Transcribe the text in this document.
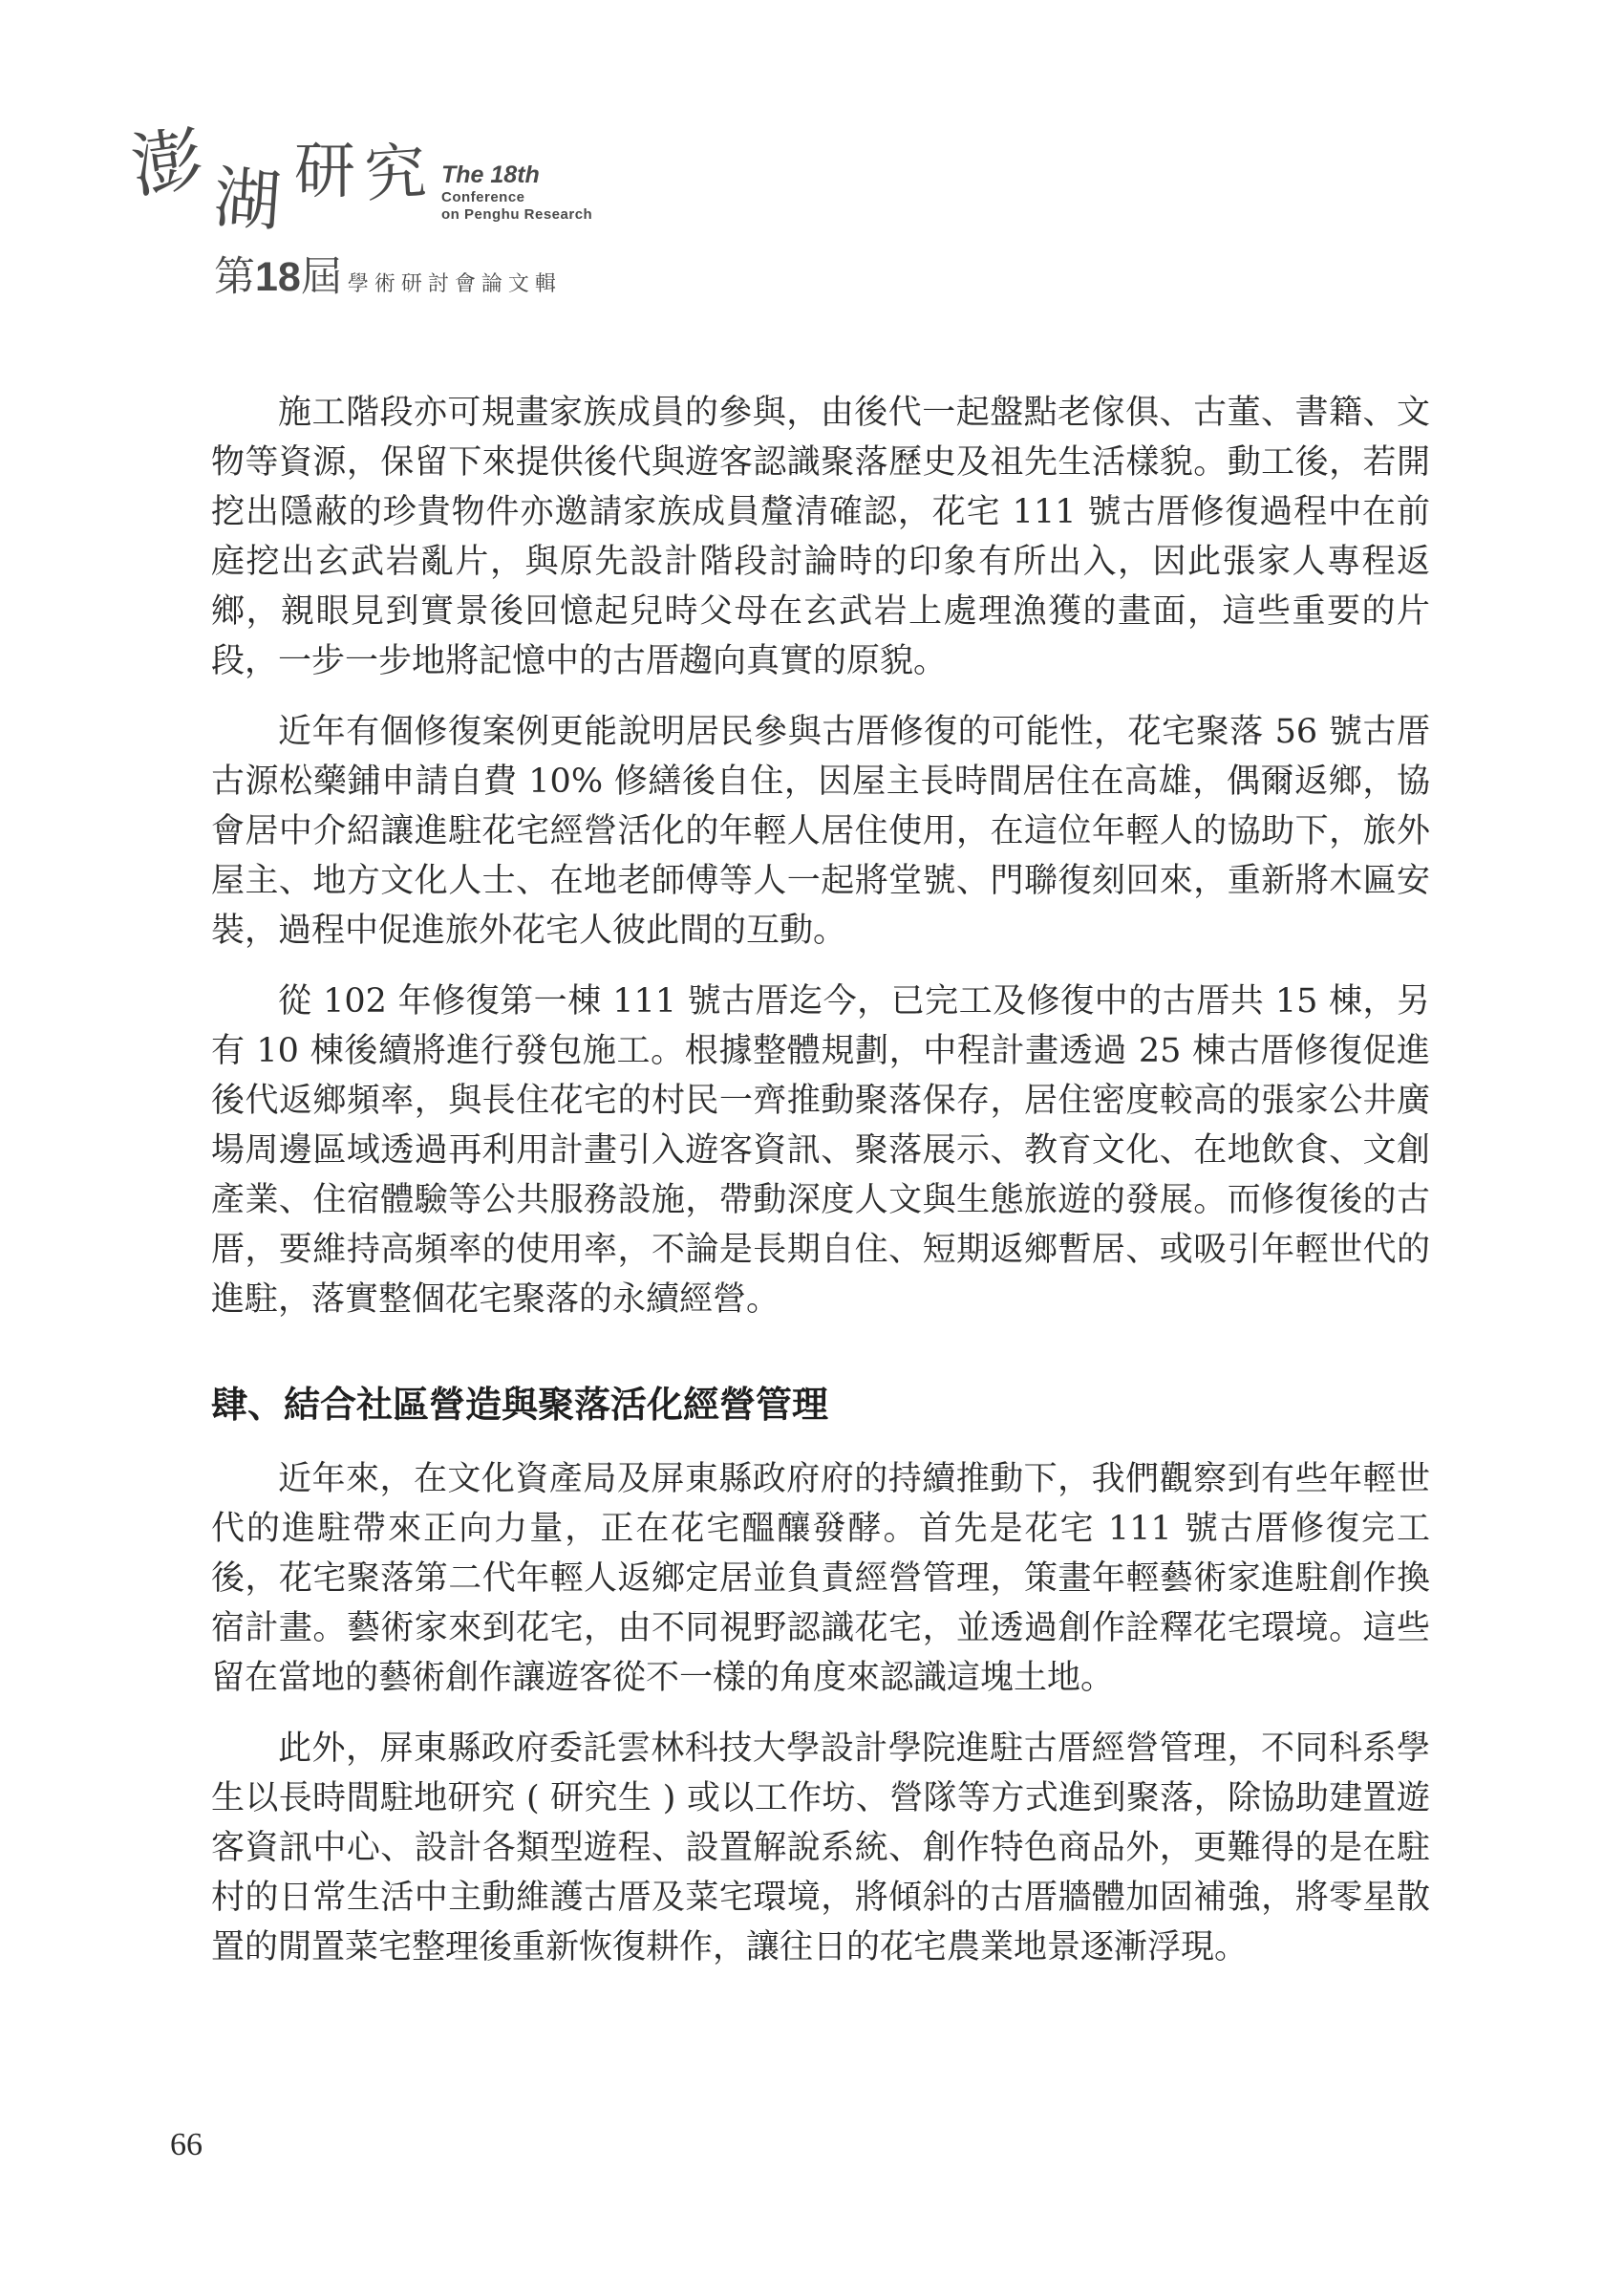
澎 湖 研 究 The 18th
Conference
on Penghu Research
第18屆 學術研討會論文輯

施工階段亦可規畫家族成員的參與，由後代一起盤點老傢俱、古董、書籍、文物等資源，保留下來提供後代與遊客認識聚落歷史及祖先生活樣貌。動工後，若開挖出隱蔽的珍貴物件亦邀請家族成員釐清確認，花宅 111 號古厝修復過程中在前庭挖出玄武岩亂片，與原先設計階段討論時的印象有所出入，因此張家人專程返鄉，親眼見到實景後回憶起兒時父母在玄武岩上處理漁獲的畫面，這些重要的片段，一步一步地將記憶中的古厝趨向真實的原貌。

近年有個修復案例更能說明居民參與古厝修復的可能性，花宅聚落 56 號古厝古源松藥鋪申請自費 10% 修繕後自住，因屋主長時間居住在高雄，偶爾返鄉，協會居中介紹讓進駐花宅經營活化的年輕人居住使用，在這位年輕人的協助下，旅外屋主、地方文化人士、在地老師傅等人一起將堂號、門聯復刻回來，重新將木匾安裝，過程中促進旅外花宅人彼此間的互動。

從 102 年修復第一棟 111 號古厝迄今，已完工及修復中的古厝共 15 棟，另有 10 棟後續將進行發包施工。根據整體規劃，中程計畫透過 25 棟古厝修復促進後代返鄉頻率，與長住花宅的村民一齊推動聚落保存，居住密度較高的張家公井廣場周邊區域透過再利用計畫引入遊客資訊、聚落展示、教育文化、在地飲食、文創產業、住宿體驗等公共服務設施，帶動深度人文與生態旅遊的發展。而修復後的古厝，要維持高頻率的使用率，不論是長期自住、短期返鄉暫居、或吸引年輕世代的進駐，落實整個花宅聚落的永續經營。

肆、結合社區營造與聚落活化經營管理

近年來，在文化資產局及屏東縣政府府的持續推動下，我們觀察到有些年輕世代的進駐帶來正向力量，正在花宅醞釀發酵。首先是花宅 111 號古厝修復完工後，花宅聚落第二代年輕人返鄉定居並負責經營管理，策畫年輕藝術家進駐創作換宿計畫。藝術家來到花宅，由不同視野認識花宅，並透過創作詮釋花宅環境。這些留在當地的藝術創作讓遊客從不一樣的角度來認識這塊土地。

此外，屏東縣政府委託雲林科技大學設計學院進駐古厝經營管理，不同科系學生以長時間駐地研究 ( 研究生 ) 或以工作坊、營隊等方式進到聚落，除協助建置遊客資訊中心、設計各類型遊程、設置解說系統、創作特色商品外，更難得的是在駐村的日常生活中主動維護古厝及菜宅環境，將傾斜的古厝牆體加固補強，將零星散置的閒置菜宅整理後重新恢復耕作，讓往日的花宅農業地景逐漸浮現。

66
